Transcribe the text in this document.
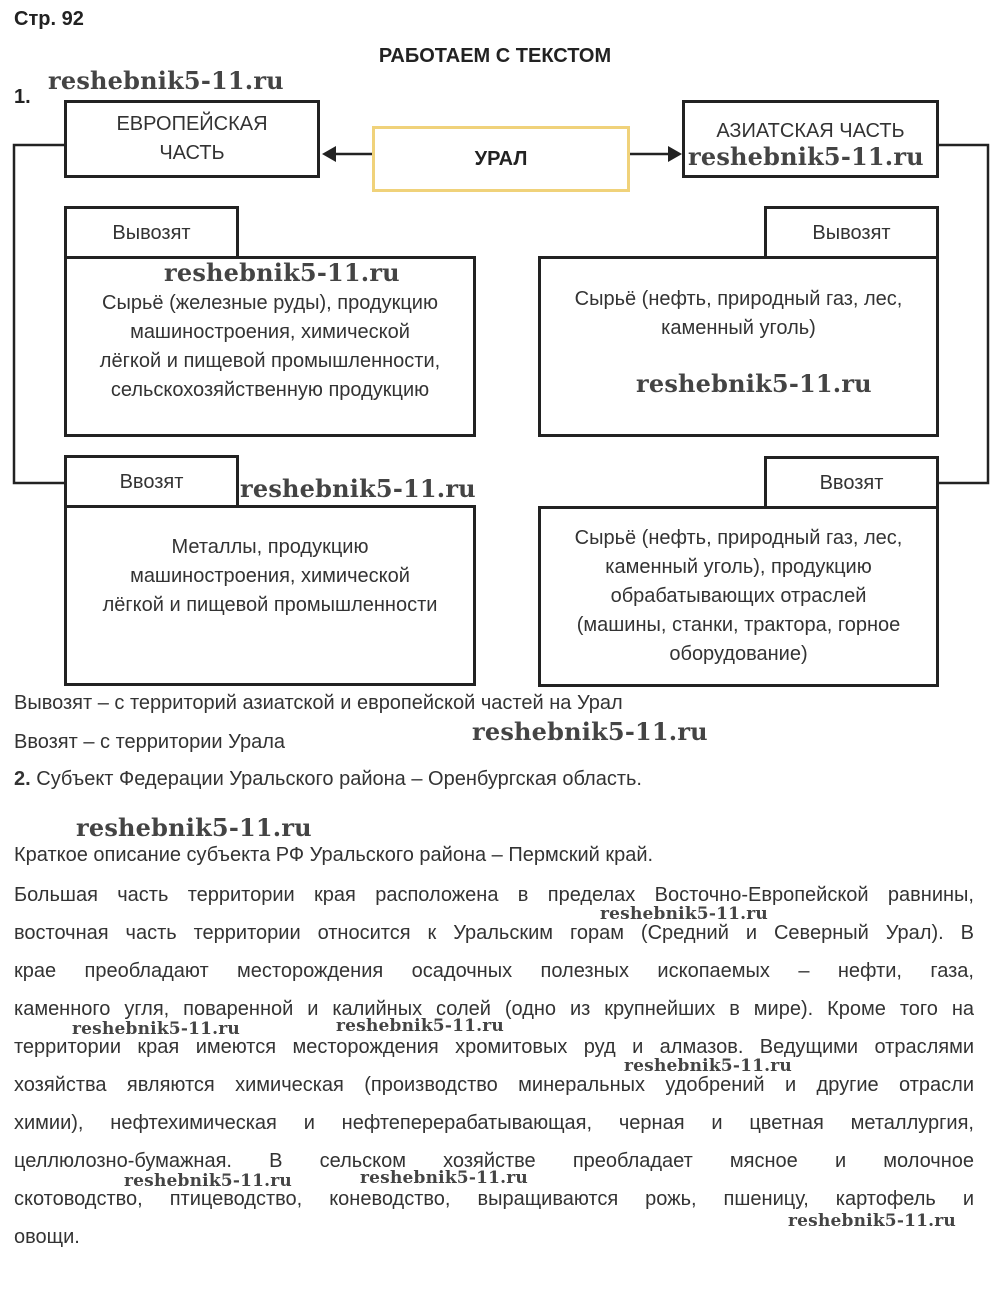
Стр. 92
РАБОТАЕМ С ТЕКСТОМ
1.
ЕВРОПЕЙСКАЯ
ЧАСТЬ	УРАЛ
АЗИАТСКАЯ ЧАСТЬ
Вывозят
Сырьё (железные руды), продукцию
машиностроения, химической
лёгкой и пищевой промышленности,
сельскохозяйственную продукцию
Ввозят
Металлы, продукцию
машиностроения, химической
лёгкой и пищевой промышленности
Вывозят
Сырьё (нефть, природный газ, лес,
каменный уголь)
Ввозят
Сырьё (нефть, природный газ, лес,
каменный уголь), продукцию
обрабатывающих отраслей
(машины, станки, трактора, горное
оборудование)
Вывозят – с территорий азиатской и европейской частей на Урал
Ввозят – с территории Урала
2. Субъект Федерации Уральского района – Оренбургская область.
Краткое описание субъекта РФ Уральского района – Пермский край.
Большая часть территории края расположена в пределах Восточно-Европейской равнины,
восточная часть территории относится к Уральским горам (Средний и Северный Урал). В
крае преобладают месторождения осадочных полезных ископаемых – нефти, газа,
каменного угля, поваренной и калийных солей (одно из крупнейших в мире). Кроме того на
территории края имеются месторождения хромитовых руд и алмазов. Ведущими отраслями
хозяйства являются химическая (производство минеральных удобрений и другие отрасли
химии), нефтехимическая и нефтеперерабатывающая, черная и цветная металлургия,
целлюлозно-бумажная. В сельском хозяйстве преобладает мясное и молочное
скотоводство, птицеводство, коневодство, выращиваются рожь, пшеницу, картофель и
овощи.
reshebnik5-11.ru
reshebnik5-11.ru
reshebnik5-11.ru
reshebnik5-11.ru
reshebnik5-11.ru
reshebnik5-11.ru
reshebnik5-11.ru
reshebnik5-11.ru
reshebnik5-11.ru	reshebnik5-11.ru
reshebnik5-11.ru
reshebnik5-11.ru	reshebnik5-11.ru
reshebnik5-11.ru
